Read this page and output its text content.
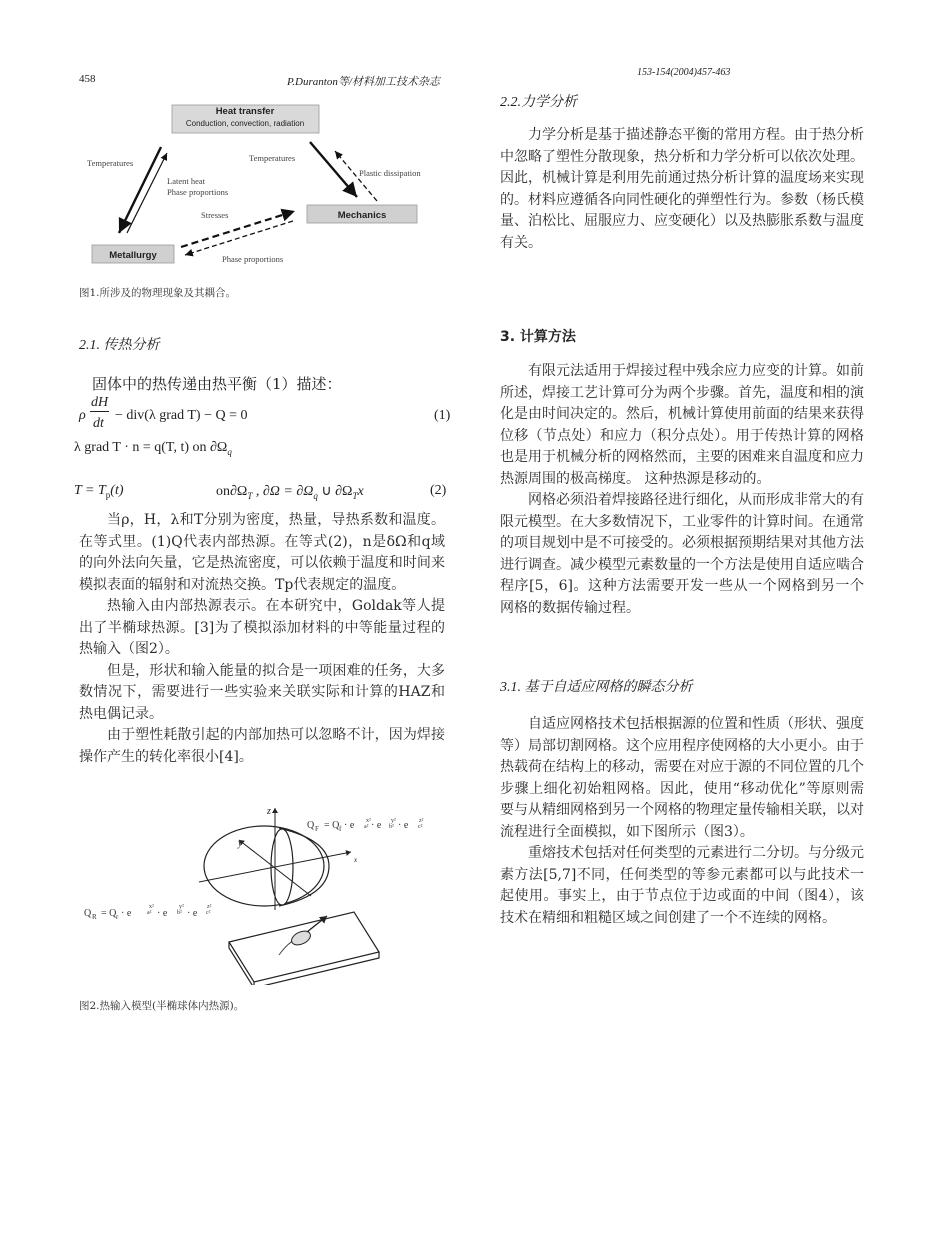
458	P.Duranton等/材料加工技术杂志
153-154(2004)457-463
Heat transfer
Conduction, convection, radiation
Mechanics
Metallurgy
Temperatures
Latent heat
Phase proportions
Temperatures
Plastic dissipation
Stresses
Phase proportions
图1.所涉及的物理现象及其耦合。
2.1. 传热分析
固体中的热传递由热平衡（1）描述：
ρ
dH
dt
− div(λ grad T) − Q = 0	(1)
λ grad T · n = q(T, t) on $\partial\Omega_q$
$T = T_p(t)$	$on\partial\Omega_T$ , $\partial\Omega = \partial\Omega_q$ ∪ $\partial\Omega_Tx$	(2)

当ρ，H，λ和T分别为密度，热量，导热系数和温度。在等式里。(1)Q代表内部热源。在等式(2)，n是δΩ和q域的向外法向矢量，它是热流密度，可以依赖于温度和时间来模拟表面的辐射和对流热交换。Tp代表规定的温度。

热输入由内部热源表示。在本研究中，Goldak等人提出了半椭球热源。[3]为了模拟添加材料的中等能量过程的热输入（图2）。

但是，形状和输入能量的拟合是一项困难的任务，大多数情况下，需要进行一些实验来关联实际和计算的HAZ和热电偶记录。

由于塑性耗散引起的内部加热可以忽略不计，因为焊接操作产生的转化率很小[4]。

z
y
x
Q F = Q f · e x²
a² · e y²
b² · e z²
c²
Q R = Q r · e
x²
a² · e
y²
b² · e
z²
c²
图2.热输入模型(半椭球体内热源)。
2.2.力学分析

力学分析是基于描述静态平衡的常用方程。由于热分析中忽略了塑性分散现象，热分析和力学分析可以依次处理。因此，机械计算是利用先前通过热分析计算的温度场来实现的。材料应遵循各向同性硬化的弹塑性行为。参数（杨氏模量、泊松比、屈服应力、应变硬化）以及热膨胀系数与温度有关。

3. 计算方法

有限元法适用于焊接过程中残余应力应变的计算。如前所述，焊接工艺计算可分为两个步骤。首先，温度和相的演化是由时间决定的。然后，机械计算使用前面的结果来获得位移（节点处）和应力（积分点处）。用于传热计算的网格也是用于机械分析的网格然而，主要的困难来自温度和应力热源周围的极高梯度。 这种热源是移动的。

网格必须沿着焊接路径进行细化，从而形成非常大的有限元模型。在大多数情况下，工业零件的计算时间。在通常的项目规划中是不可接受的。必须根据预期结果对其他方法进行调查。减少模型元素数量的一个方法是使用自适应啮合程序[5，6]。这种方法需要开发一些从一个网格到另一个网格的数据传输过程。

3.1. 基于自适应网格的瞬态分析

自适应网格技术包括根据源的位置和性质（形状、强度等）局部切割网格。这个应用程序使网格的大小更小。由于热载荷在结构上的移动，需要在对应于源的不同位置的几个步骤上细化初始粗网格。因此，使用“移动优化”等原则需要与从精细网格到另一个网格的物理定量传输相关联，以对流程进行全面模拟，如下图所示（图3）。

重熔技术包括对任何类型的元素进行二分切。与分级元素方法[5,7]不同，任何类型的等参元素都可以与此技术一起使用。事实上，由于节点位于边或面的中间（图4），该技术在精细和粗糙区域之间创建了一个不连续的网格。
